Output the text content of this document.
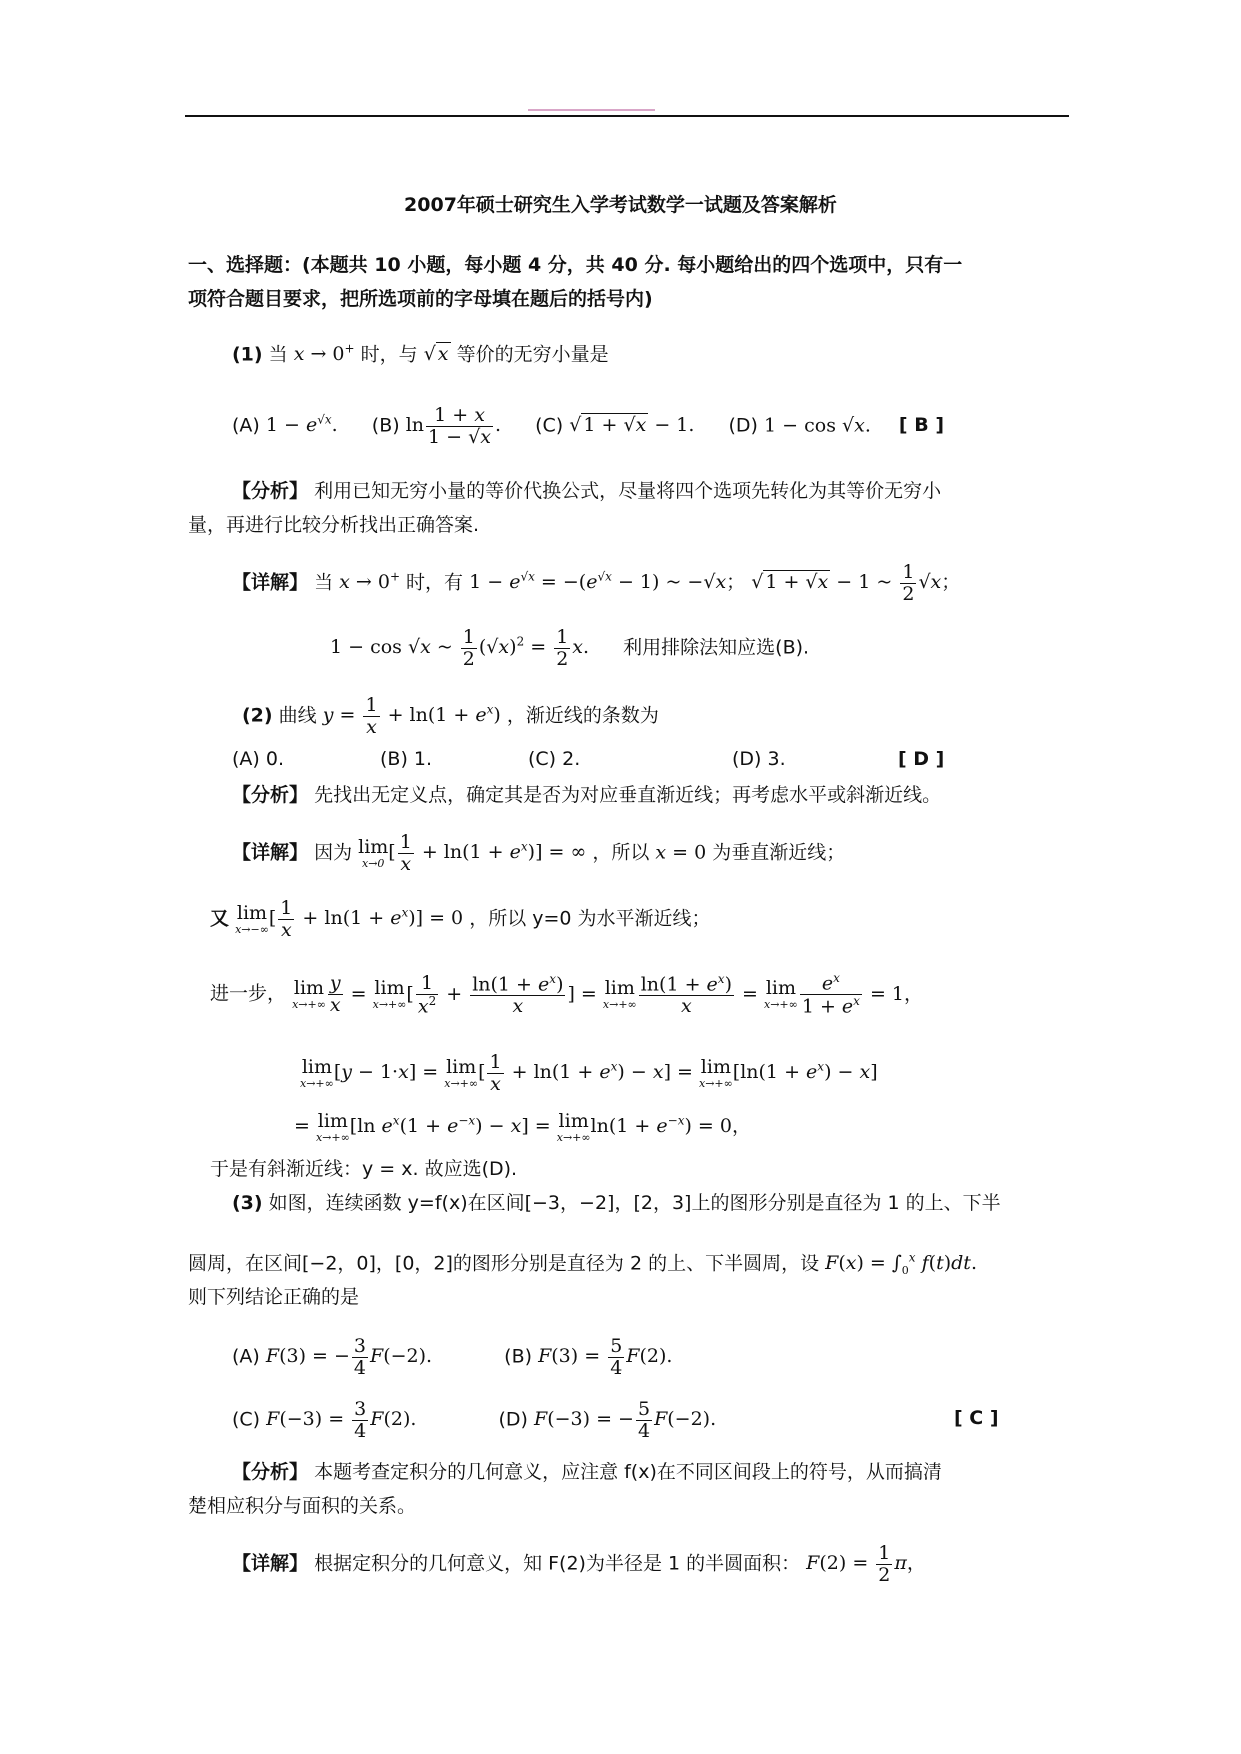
2007年硕士研究生入学考试数学一试题及答案解析
一、选择题：(本题共 10 小题，每小题 4 分，共 40 分. 每小题给出的四个选项中，只有一
项符合题目要求，把所选项前的字母填在题后的括号内)
(1) 当 x → 0+ 时，与 √ x 等价的无穷小量是
(A) $1 - e^{√x}$. (B) $\ln \frac{1 + x}{1 - √x}$ . (C) √ 1 + √x − 1. (D) 1 − cos √x. [ B ]
【分析】 利用已知无穷小量的等价代换公式，尽量将四个选项先转化为其等价无穷小
量，再进行比较分析找出正确答案.
【详解】 当 x → 0+ 时，有 $1 - e^{√x} = -(e^{√x} - 1)$ ~ −√x； √ 1 + √x − 1 ~ $\frac{1}{2} √x$；
1 − cos √x ~ $\frac{1}{2} (√x)^2 = \frac{1}{2} x$. 利用排除法知应选(B).
(2) 曲线 $y = \frac{1}{x} + \ln(1 + e^x)$ ，渐近线的条数为
(A) 0.	(B) 1.	(C) 2.	(D) 3.	[ D ]
【分析】 先找出无定义点，确定其是否为对应垂直渐近线；再考虑水平或斜渐近线。
【详解】 因为 lim
x→0 [ $\frac{1}{x} + \ln(1 + e^x)$] = ∞ ，所以 x = 0 为垂直渐近线；
又 lim
x→−∞ [ $\frac{1}{x} + \ln(1 + e^x)] = 0$ ，所以 y=0 为水平渐近线；
进一步， lim
$x\to+\infty \frac{y}{x} = \lim$
x→+∞ [ $\frac{1}{x^2} + \frac{\ln(1 + e^x)}{x}$ ] = lim
$x\to+\infty \frac{\ln(1 + e^x)}{x} = \lim$
$x\to+\infty \frac{e^x}{1 + e^x} = 1$，
lim
x→+∞ [y − 1·x] = lim
x→+∞ [ $\frac{1}{x} + \ln(1 + e^x) - x] = \lim$
x→+∞ $[\ln(1 + e^x) - x]$
= lim
x→+∞ [ln $e^x(1 + e^{-x}) - x] = \lim$
x→+∞ $\ln(1 + e^{-x}) = 0$，
于是有斜渐近线：y = x. 故应选(D).
(3) 如图，连续函数 y=f(x)在区间[−3，−2]，[2，3]上的图形分别是直径为 1 的上、下半
圆周，在区间[−2，0]，[0，2]的图形分别是直径为 2 的上、下半圆周，设 $F(x) = \int_0^x$ f(t)dt.
则下列结论正确的是
(A) F(3) = − $\frac{3}{4} F(-2)$.	(B) $F(3) = \frac{5}{4} F(2)$.
(C) $F(-3) = \frac{3}{4} F(2)$.	(D) F(−3) = − $\frac{5}{4} F(-2)$.	[ C ]
【分析】 本题考查定积分的几何意义，应注意 f(x)在不同区间段上的符号，从而搞清
楚相应积分与面积的关系。
【详解】 根据定积分的几何意义，知 F(2)为半径是 1 的半圆面积： $F(2) = \frac{1}{2}$ π，
